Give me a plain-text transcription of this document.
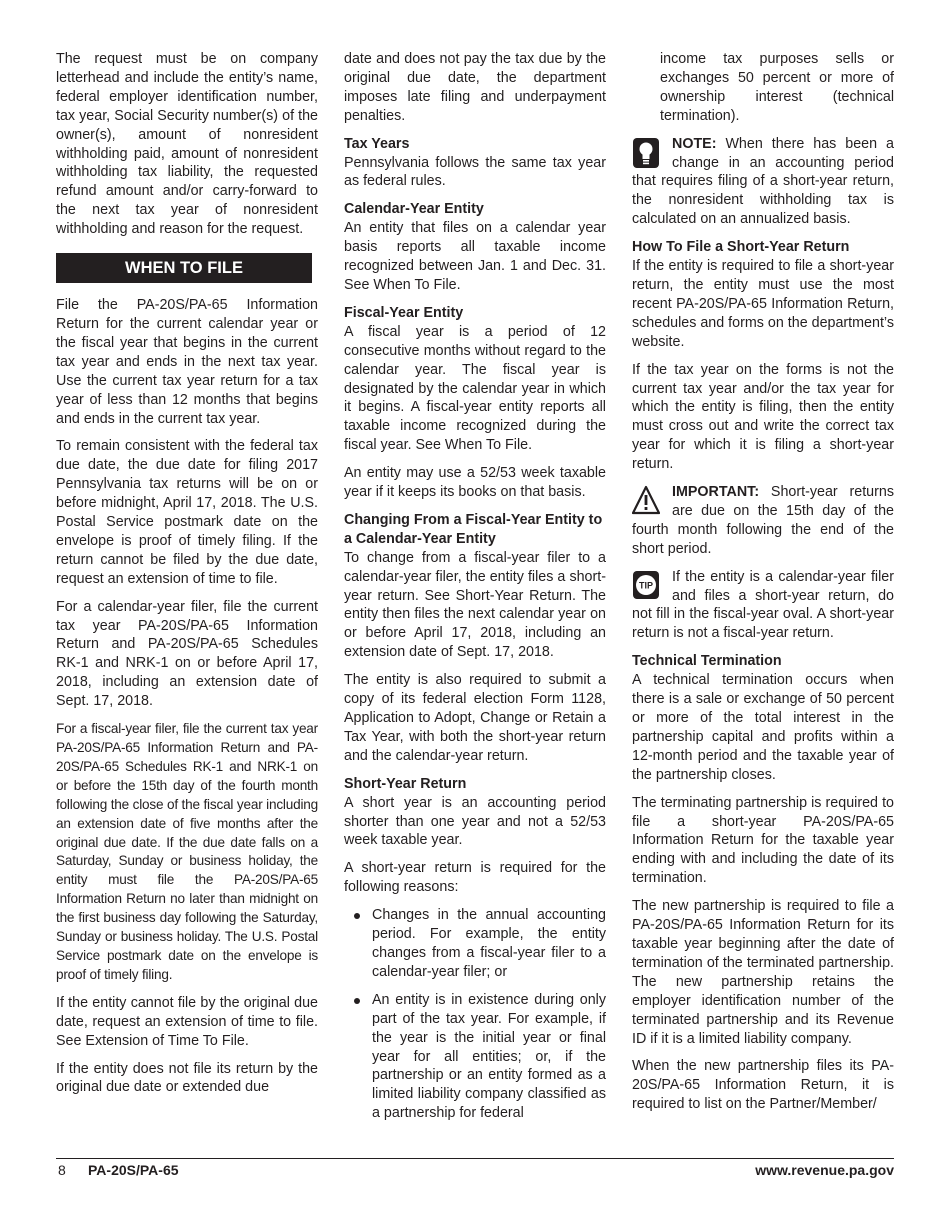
The request must be on company letterhead and include the entity’s name, federal employer identification number, tax year, Social Security number(s) of the owner(s), amount of nonresident withholding paid, amount of nonresident withholding tax liability, the requested refund amount and/or carry-forward to the next tax year of nonresident withholding and reason for the request.

WHEN TO FILE

File the PA-20S/PA-65 Information Return for the current calendar year or the fiscal year that begins in the current tax year and ends in the next tax year. Use the current tax year return for a tax year of less than 12 months that begins and ends in the current tax year.

To remain consistent with the federal tax due date, the due date for filing 2017 Pennsylvania tax returns will be on or before midnight, April 17, 2018. The U.S. Postal Service postmark date on the envelope is proof of timely filing. If the return cannot be filed by the due date, request an extension of time to file.

For a calendar-year filer, file the current tax year PA-20S/PA-65 Information Return and PA-20S/PA-65 Schedules RK-1 and NRK-1 on or before April 17, 2018, including an extension date of Sept. 17, 2018.

For a fiscal-year filer, file the current tax year PA-20S/PA-65 Information Return and PA-20S/PA-65 Schedules RK-1 and NRK-1 on or before the 15th day of the fourth month following the close of the fiscal year including an extension date of five months after the original due date. If the due date falls on a Saturday, Sunday or business holiday, the entity must file the PA-20S/PA-65 Information Return no later than midnight on the first business day following the Saturday, Sunday or business holiday. The U.S. Postal Service postmark date on the envelope is proof of timely filing.

If the entity cannot file by the original due date, request an extension of time to file. See Extension of Time To File.

If the entity does not file its return by the original due date or extended due

date and does not pay the tax due by the original due date, the department imposes late filing and underpayment penalties.

Tax Years

Pennsylvania follows the same tax year as federal rules.

Calendar-Year Entity

An entity that files on a calendar year basis reports all taxable income recognized between Jan. 1 and Dec. 31. See When To File.

Fiscal-Year Entity

A fiscal year is a period of 12 consecutive months without regard to the calendar year. The fiscal year is designated by the calendar year in which it begins. A fiscal-year entity reports all taxable income recognized during the fiscal year. See When To File.

An entity may use a 52/53 week taxable year if it keeps its books on that basis.

Changing From a Fiscal-Year Entity to a Calendar-Year Entity

To change from a fiscal-year filer to a calendar-year filer, the entity files a short-year return. See Short-Year Return. The entity then files the next calendar year on or before April 17, 2018, including an extension date of Sept. 17, 2018.

The entity is also required to submit a copy of its federal election Form 1128, Application to Adopt, Change or Retain a Tax Year, with both the short-year return and the calendar-year return.

Short-Year Return

A short year is an accounting period shorter than one year and not a 52/53 week taxable year.

A short-year return is required for the following reasons:

Changes in the annual accounting period. For example, the entity changes from a fiscal-year filer to a calendar-year filer; or
An entity is in existence during only part of the tax year. For example, if the year is the initial year or final year for all entities; or, if the partnership or an entity formed as a limited liability company classified as a partnership for federal

income tax purposes sells or exchanges 50 percent or more of ownership interest (technical termination).

NOTE: When there has been a change in an accounting period that requires filing of a short-year return, the nonresident withholding tax is calculated on an annualized basis.

How To File a Short-Year Return

If the entity is required to file a short-year return, the entity must use the most recent PA-20S/PA-65 Information Return, schedules and forms on the department’s website.

If the tax year on the forms is not the current tax year and/or the tax year for which the entity is filing, then the entity must cross out and write the correct tax year for which it is filing a short-year return.

IMPORTANT: Short-year returns are due on the 15th day of the fourth month following the end of the short period.

TIP
If the entity is a calendar-year filer and files a short-year return, do not fill in the fiscal-year oval. A short-year return is not a fiscal-year return.

Technical Termination

A technical termination occurs when there is a sale or exchange of 50 percent or more of the total interest in the partnership capital and profits within a 12-month period and the taxable year of the partnership closes.

The terminating partnership is required to file a short-year PA-20S/PA-65 Information Return for the taxable year ending with and including the date of its termination.

The new partnership is required to file a PA-20S/PA-65 Information Return for its taxable year beginning after the date of termination of the terminated partnership. The new partnership retains the employer identification number of the terminated partnership and its Revenue ID if it is a limited liability company.

When the new partnership files its PA-20S/PA-65 Information Return, it is required to list on the Partner/Member/

8 PA-20S/PA-65	www.revenue.pa.gov
